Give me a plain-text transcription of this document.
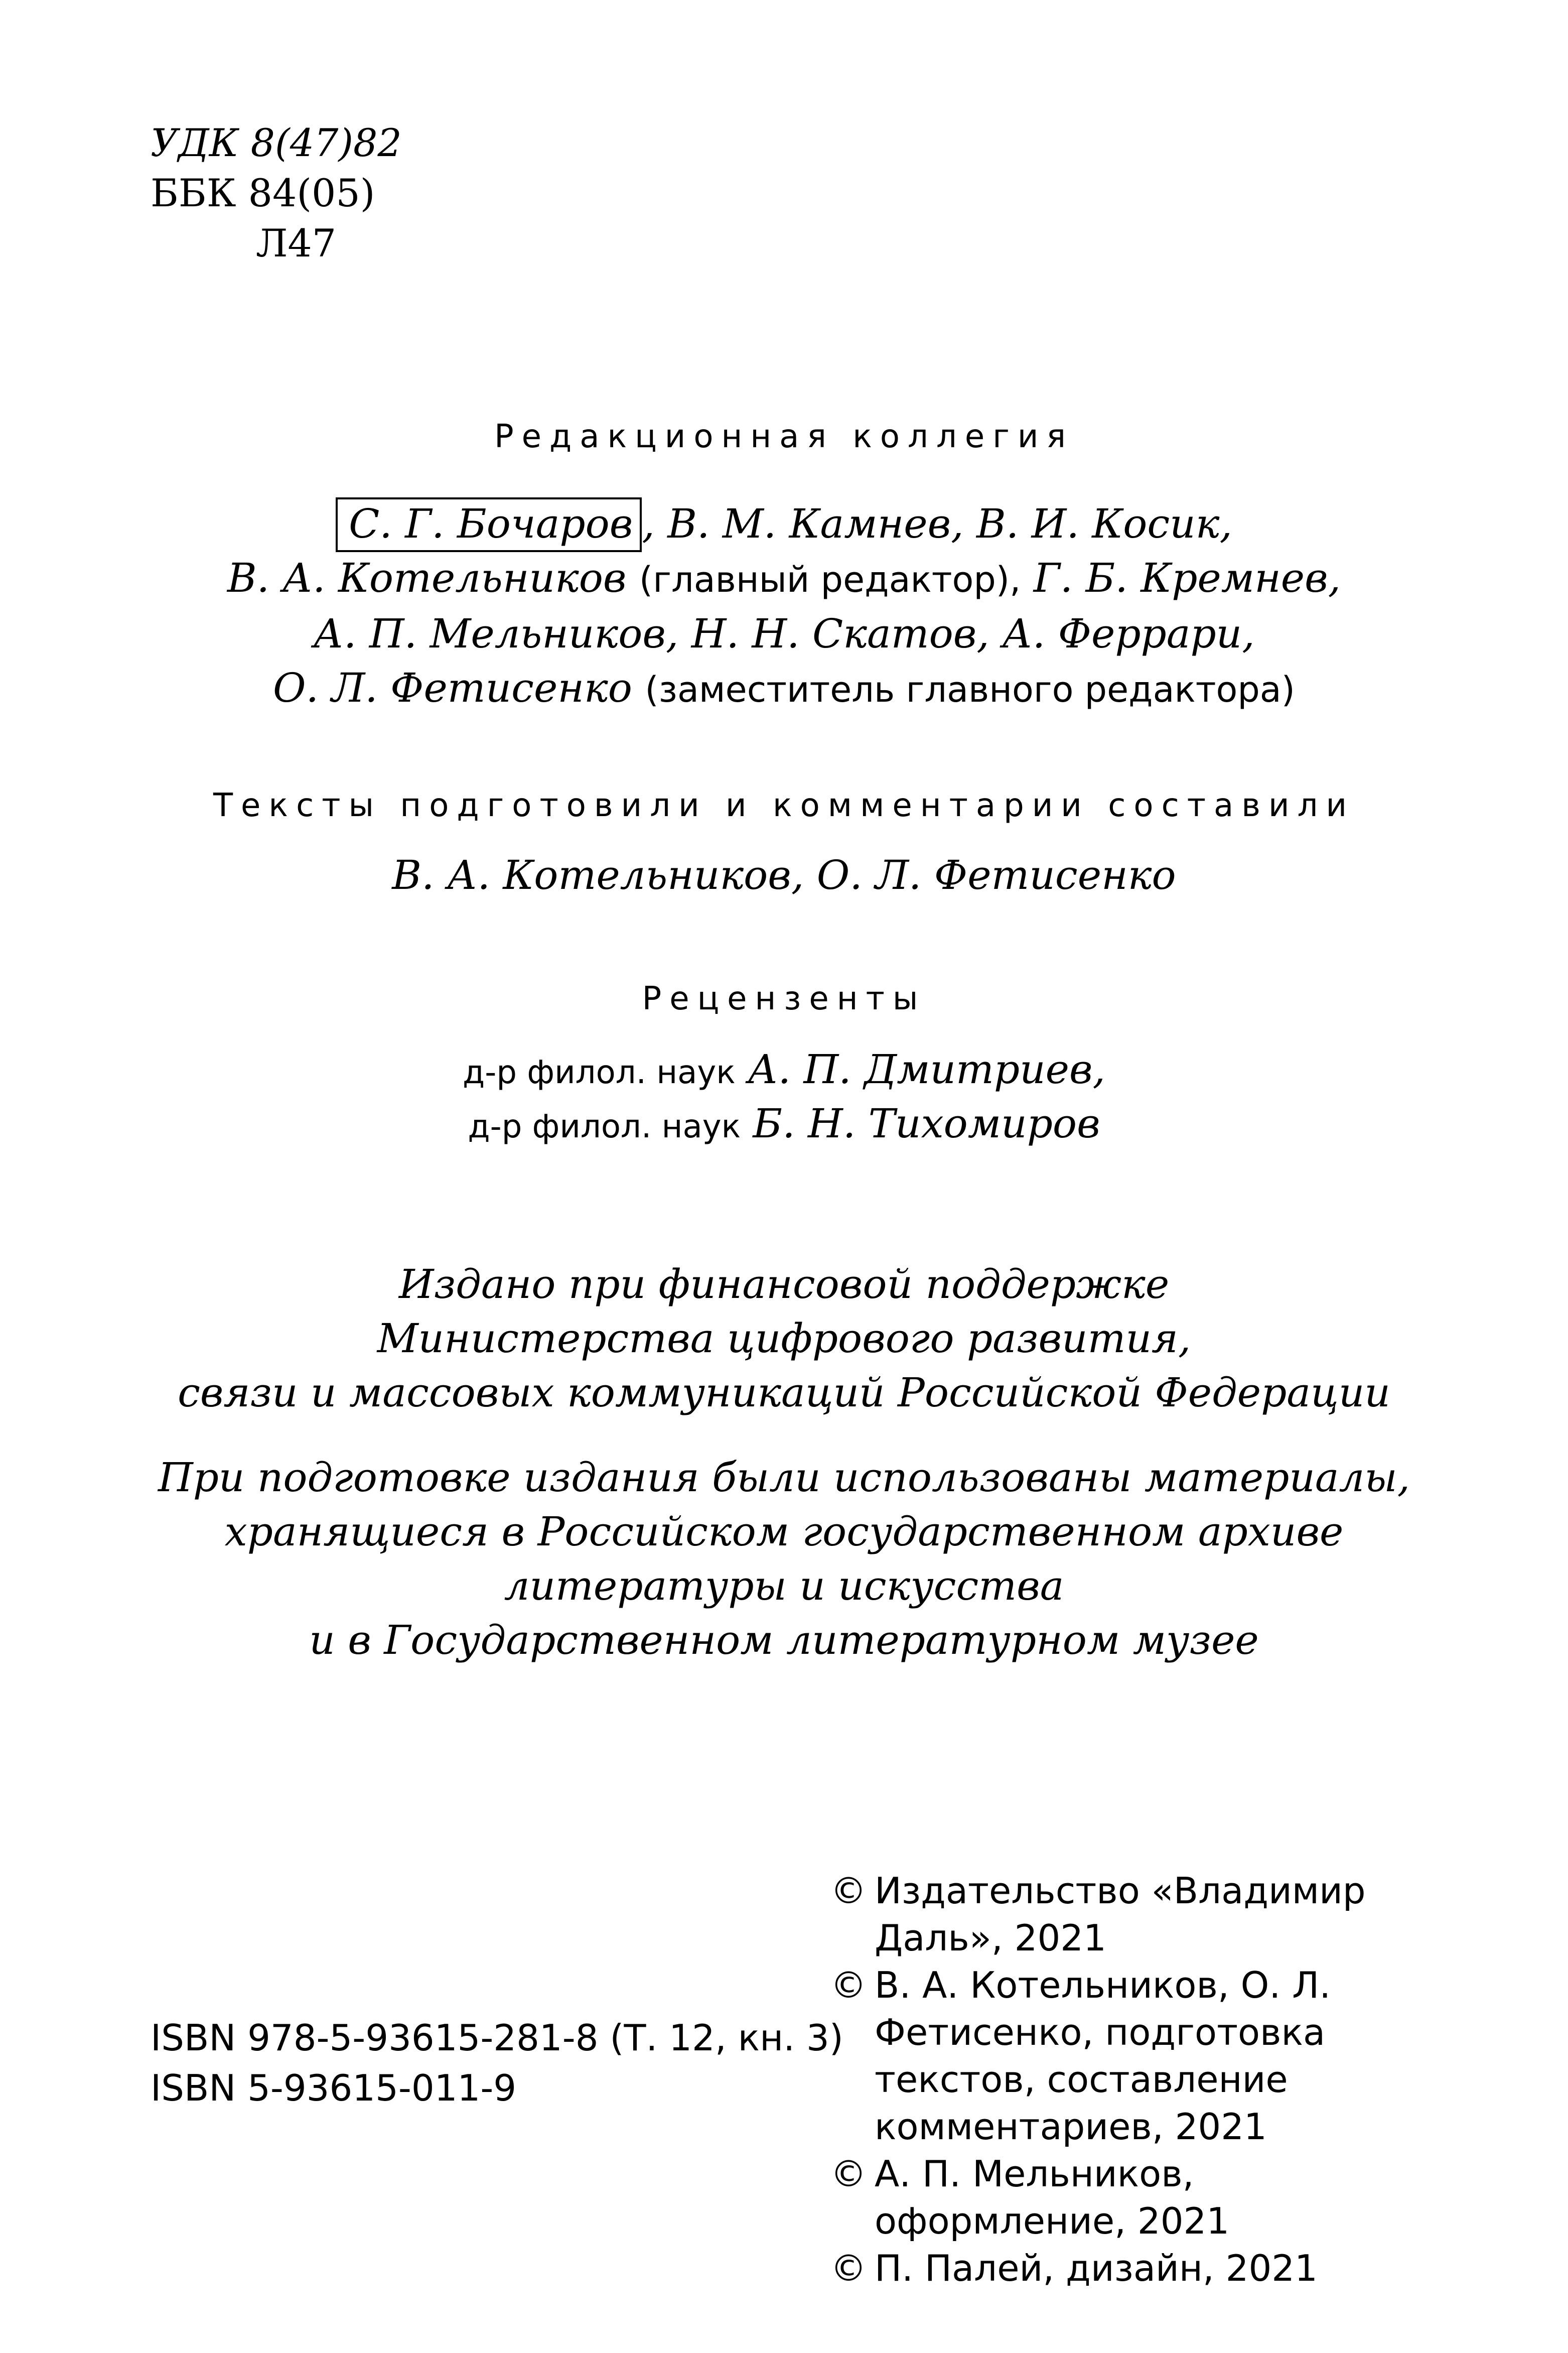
УДК 8(47)82
ББК 84(05)
Л47
Редакционная коллегия
С. Г. Бочаров , В. М. Камнев, В. И. Косик,
В. А. Котельников (главный редактор), Г. Б. Кремнев,
А. П. Мельников, Н. Н. Скатов, А. Феррари,
О. Л. Фетисенко (заместитель главного редактора)
Тексты подготовили и комментарии составили
В. А. Котельников, О. Л. Фетисенко
Рецензенты
д-р филол. наук А. П. Дмитриев,
д-р филол. наук Б. Н. Тихомиров
Издано при финансовой поддержке
Министерства цифрового развития,
связи и массовых коммуникаций Российской Федерации
При подготовке издания были использованы материалы,
хранящиеся в Российском государственном архиве
литературы и искусства
и в Государственном литературном музее
ISBN 978-5-93615-281-8 (Т. 12, кн. 3)
ISBN 5-93615-011-9
© Издательство «Владимир Даль», 2021
© В. А. Котельников, О. Л. Фетисенко, подготовка текстов, составление комментариев, 2021
© А. П. Мельников, оформление, 2021
© П. Палей, дизайн, 2021
